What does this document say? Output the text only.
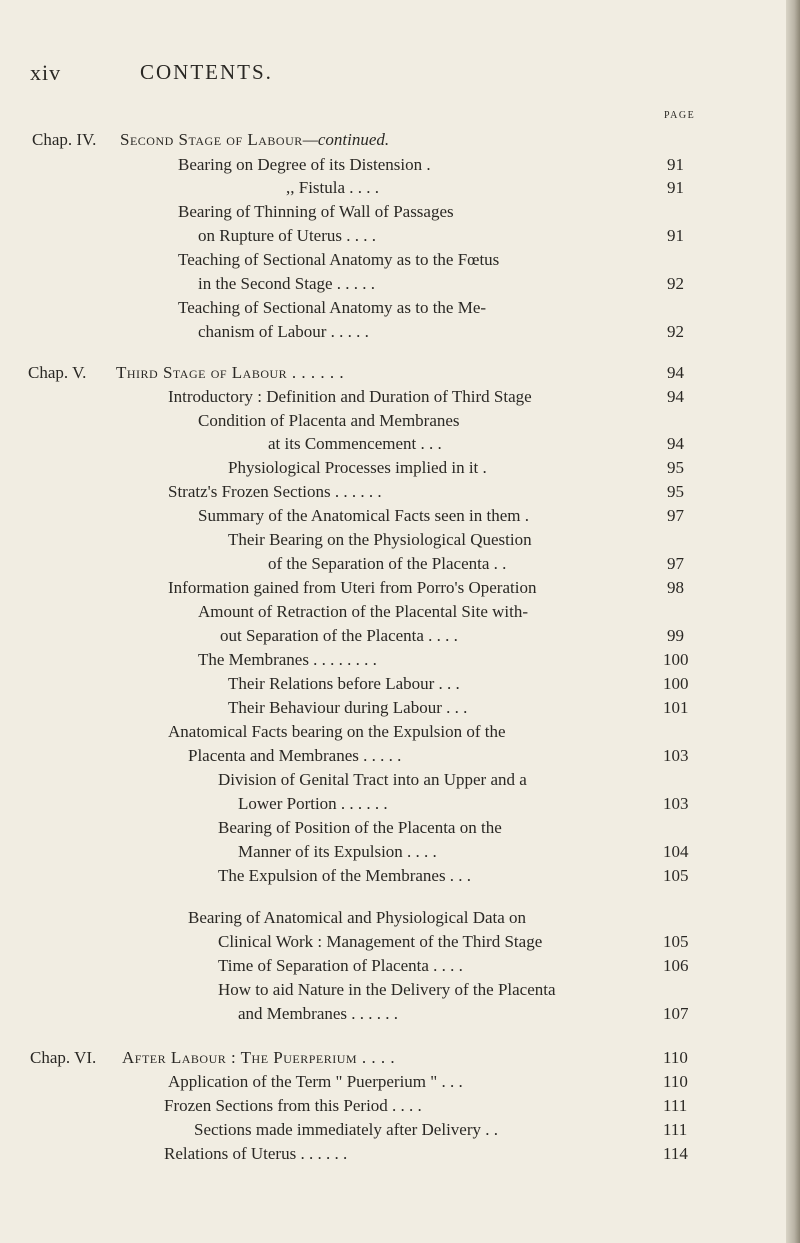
xiv	CONTENTS.
PAGE
Chap. IV. Second Stage of Labour—continued.
Bearing on Degree of its Distension .	91
,, Fistula . . . .	91
Bearing of Thinning of Wall of Passages
on Rupture of Uterus . . . .	91
Teaching of Sectional Anatomy as to the Fœtus
in the Second Stage . . . . .	92
Teaching of Sectional Anatomy as to the Me-
chanism of Labour . . . . .	92
Chap. V. Third Stage of Labour . . . . . .	94
Introductory : Definition and Duration of Third Stage	94
Condition of Placenta and Membranes
at its Commencement . . .	94
Physiological Processes implied in it .	95
Stratz's Frozen Sections . . . . . .	95
Summary of the Anatomical Facts seen in them .	97
Their Bearing on the Physiological Question
of the Separation of the Placenta . .	97
Information gained from Uteri from Porro's Operation	98
Amount of Retraction of the Placental Site with-
out Separation of the Placenta . . . .	99
The Membranes . . . . . . . .	100
Their Relations before Labour . . .	100
Their Behaviour during Labour . . .	101
Anatomical Facts bearing on the Expulsion of the
Placenta and Membranes . . . . .	103
Division of Genital Tract into an Upper and a
Lower Portion . . . . . .	103
Bearing of Position of the Placenta on the
Manner of its Expulsion . . . .	104
The Expulsion of the Membranes . . .	105
Bearing of Anatomical and Physiological Data on
Clinical Work : Management of the Third Stage	105
Time of Separation of Placenta . . . .	106
How to aid Nature in the Delivery of the Placenta
and Membranes . . . . . .	107
Chap. VI. After Labour : The Puerperium . . . .	110
Application of the Term " Puerperium " . . .	110
Frozen Sections from this Period . . . .	111
Sections made immediately after Delivery . .	111
Relations of Uterus . . . . . .	114
